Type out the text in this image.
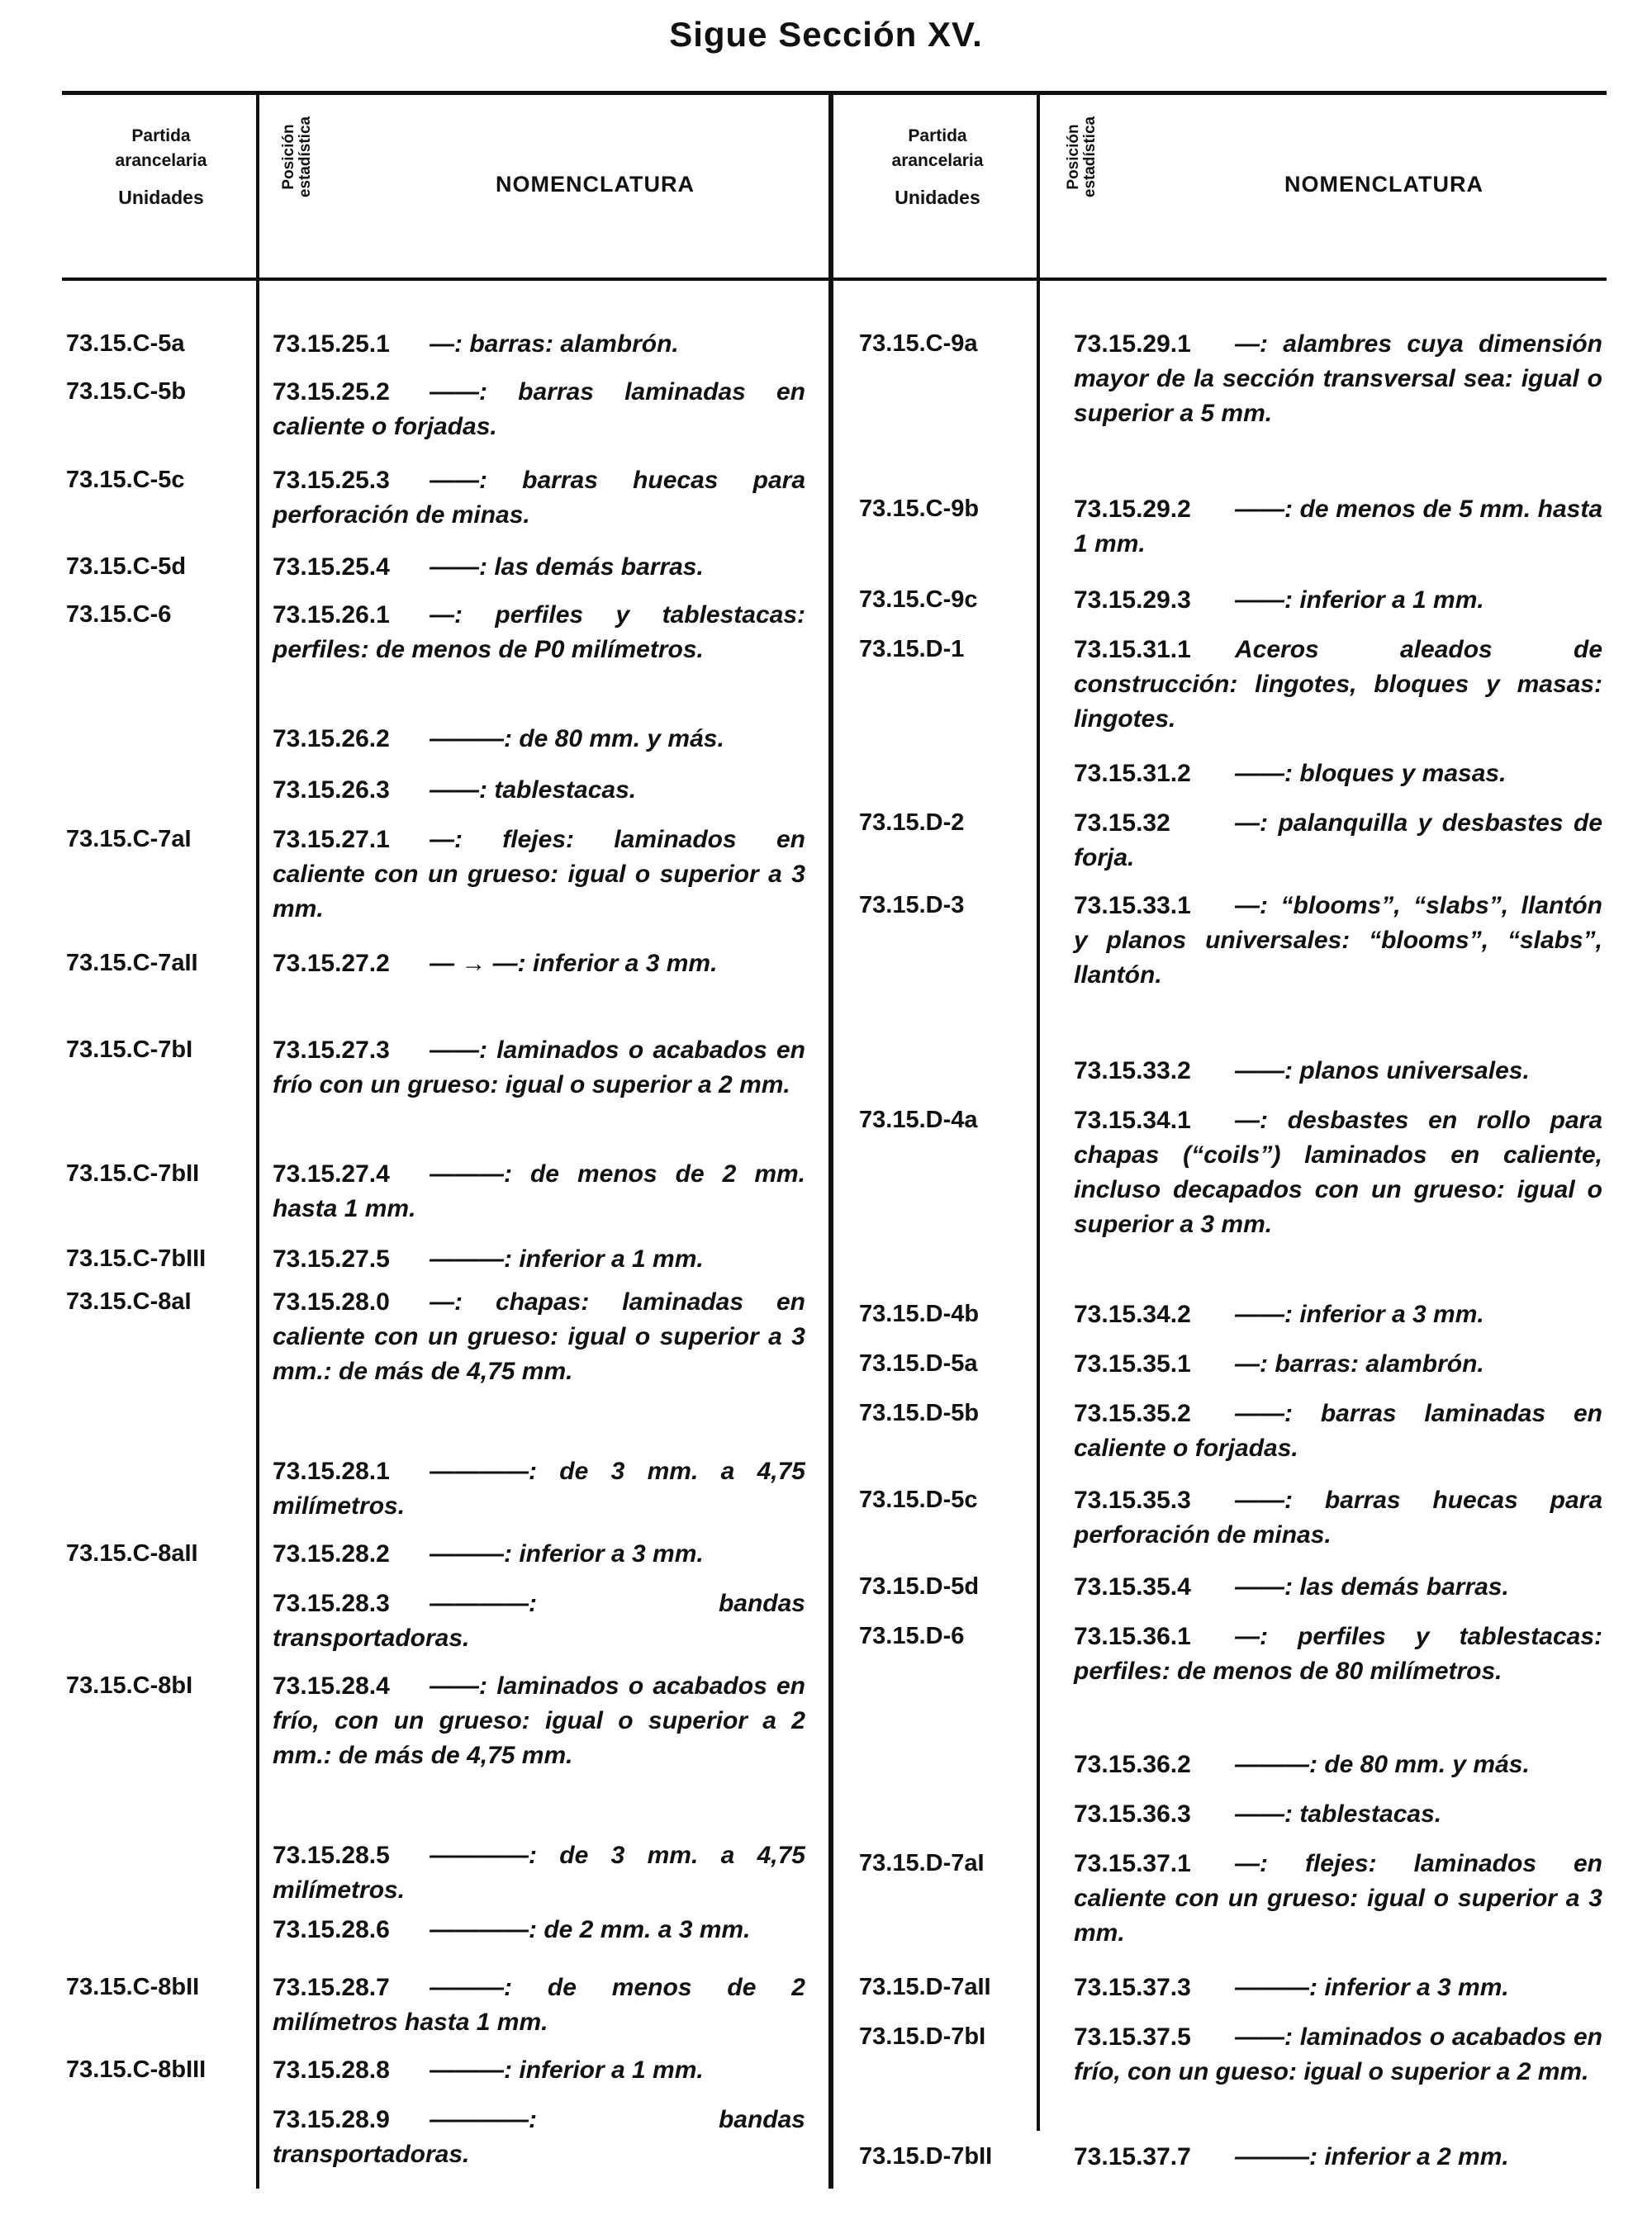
Sigue Sección XV.
Partida
arancelaria
Unidades
Posición
estadística	NOMENCLATURA
Partida
arancelaria
Unidades
Posición
estadística	NOMENCLATURA
73.15.C-5a	73.15.25.1	—: barras: alambrón.
73.15.C-5b	73.15.25.2	——: barras laminadas en caliente o forjadas.
73.15.C-5c	73.15.25.3	——: barras huecas para perforación de minas.
73.15.C-5d	73.15.25.4	——: las demás barras.
73.15.C-6	73.15.26.1	—: perfiles y tablestacas: perfiles: de menos de P0 milímetros.
73.15.26.2	———: de 80 mm. y más.
73.15.26.3	——: tablestacas.
73.15.C-7aI	73.15.27.1	—: flejes: laminados en caliente con un grueso: igual o superior a 3 mm.
73.15.C-7aII	73.15.27.2	— → —: inferior a 3 mm.
73.15.C-7bI	73.15.27.3	——: laminados o acabados en frío con un grueso: igual o superior a 2 mm.
73.15.C-7bII	73.15.27.4	———: de menos de 2 mm. hasta 1 mm.
73.15.C-7bIII	73.15.27.5	———: inferior a 1 mm.
73.15.C-8aI	73.15.28.0	—: chapas: laminadas en caliente con un grueso: igual o superior a 3 mm.: de más de 4,75 mm.
73.15.28.1	————: de 3 mm. a 4,75 milímetros.
73.15.C-8aII	73.15.28.2	———: inferior a 3 mm.
73.15.28.3	————: bandas transportadoras.
73.15.C-8bI	73.15.28.4	——: laminados o acabados en frío, con un grueso: igual o superior a 2 mm.: de más de 4,75 mm.
73.15.28.5	————: de 3 mm. a 4,75 milímetros.
73.15.28.6	————: de 2 mm. a 3 mm.
73.15.C-8bII	73.15.28.7	———: de menos de 2 milímetros hasta 1 mm.
73.15.C-8bIII	73.15.28.8	———: inferior a 1 mm.
73.15.28.9	————: bandas transportadoras.
73.15.C-9a	73.15.29.1	—: alambres cuya dimensión mayor de la sección transversal sea: igual o superior a 5 mm.
73.15.C-9b	73.15.29.2	——: de menos de 5 mm. hasta 1 mm.
73.15.C-9c	73.15.29.3	——: inferior a 1 mm.
73.15.D-1	73.15.31.1	Aceros aleados de construcción: lingotes, bloques y masas: lingotes.
73.15.31.2	——: bloques y masas.
73.15.D-2	73.15.32	—: palanquilla y desbastes de forja.
73.15.D-3	73.15.33.1	—: “blooms”, “slabs”, llantón y planos universales: “blooms”, “slabs”, llantón.
73.15.33.2	——: planos universales.
73.15.D-4a	73.15.34.1	—: desbastes en rollo para chapas (“coils”) laminados en caliente, incluso decapados con un grueso: igual o superior a 3 mm.
73.15.D-4b	73.15.34.2	——: inferior a 3 mm.
73.15.D-5a	73.15.35.1	—: barras: alambrón.
73.15.D-5b	73.15.35.2	——: barras laminadas en caliente o forjadas.
73.15.D-5c	73.15.35.3	——: barras huecas para perforación de minas.
73.15.D-5d	73.15.35.4	——: las demás barras.
73.15.D-6	73.15.36.1	—: perfiles y tablestacas: perfiles: de menos de 80 milímetros.
73.15.36.2	———: de 80 mm. y más.
73.15.36.3	——: tablestacas.
73.15.D-7aI	73.15.37.1	—: flejes: laminados en caliente con un grueso: igual o superior a 3 mm.
73.15.D-7aII	73.15.37.3	———: inferior a 3 mm.
73.15.D-7bI	73.15.37.5	——: laminados o acabados en frío, con un gueso: igual o superior a 2 mm.
73.15.D-7bII	73.15.37.7	———: inferior a 2 mm.
